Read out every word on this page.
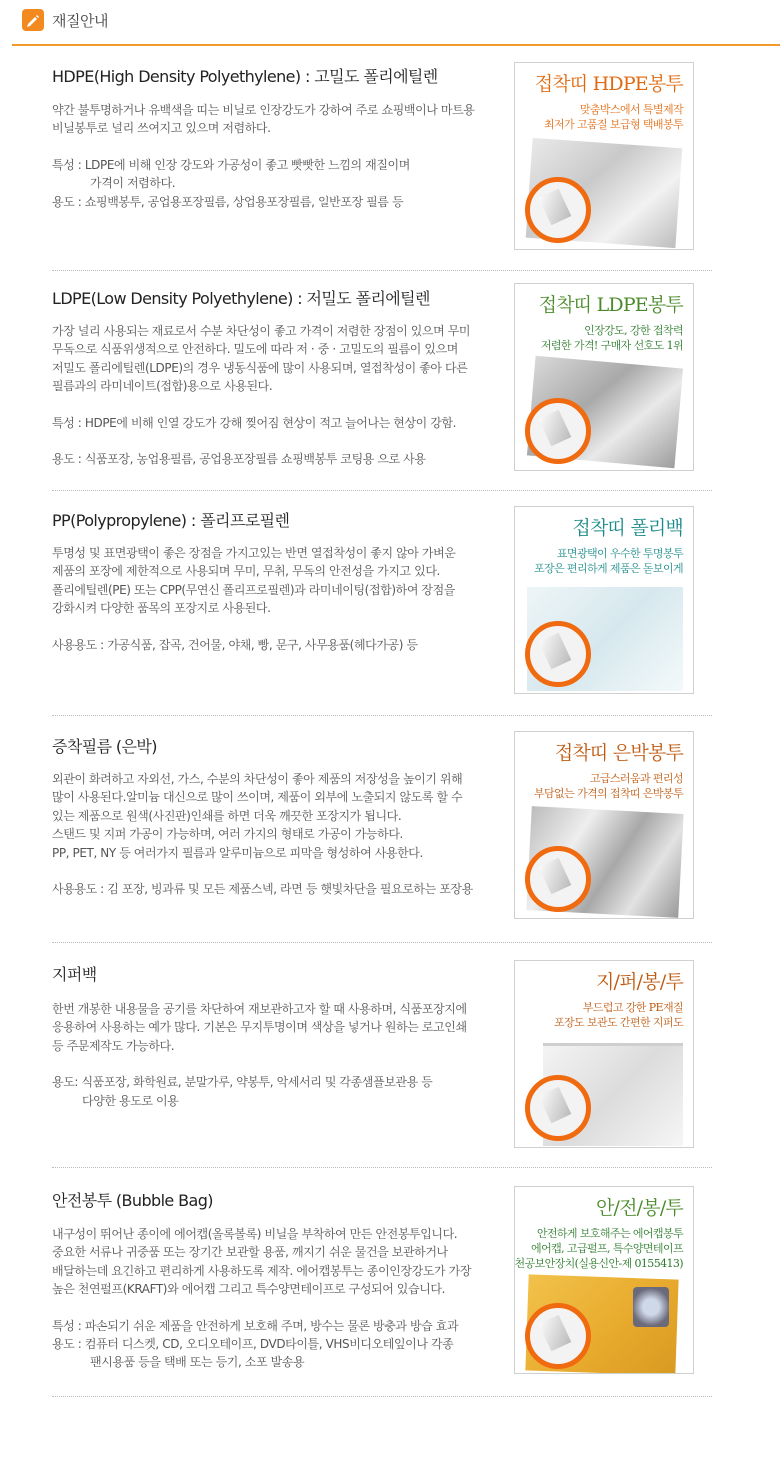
재질안내
HDPE(High Density Polyethylene) : 고밀도 폴리에틸렌

약간 불투명하거나 유백색을 띠는 비닐로 인장강도가 강하여 주로 쇼핑백이나 마트용

비닐봉투로 널리 쓰여지고 있으며 저렴하다.

특성 : LDPE에 비해 인장 강도와 가공성이 좋고 빳빳한 느낌의 재질이며

가격이 저렴하다.

용도 : 쇼핑백봉투, 공업용포장필름, 상업용포장필름, 일반포장 필름 등

접착띠 HDPE봉투
맞춤박스에서 특별제작
최저가 고품질 보급형 택배봉투
LDPE(Low Density Polyethylene) : 저밀도 폴리에틸렌

가장 널리 사용되는 재료로서 수분 차단성이 좋고 가격이 저렴한 장점이 있으며 무미

무독으로 식품위생적으로 안전하다. 밀도에 따라 저 · 중 · 고밀도의 필름이 있으며

저밀도 폴리에틸렌(LDPE)의 경우 냉동식품에 많이 사용되며, 열접착성이 좋아 다른

필름과의 라미네이트(접합)용으로 사용된다.

특성 : HDPE에 비해 인열 강도가 강해 찢어짐 현상이 적고 늘어나는 현상이 강함.

용도 : 식품포장, 농업용필름, 공업용포장필름 쇼핑백봉투 코팅용 으로 사용

접착띠 LDPE봉투
인장강도, 강한 접착력
저렴한 가격! 구매자 선호도 1위
PP(Polypropylene) : 폴리프로필렌

투명성 및 표면광택이 좋은 장점을 가지고있는 반면 열접착성이 좋지 않아 가벼운

제품의 포장에 제한적으로 사용되며 무미, 무취, 무독의 안전성을 가지고 있다.

폴리에틸렌(PE) 또는 CPP(무연신 폴리프로필렌)과 라미네이팅(접합)하여 장점을

강화시켜 다양한 품목의 포장지로 사용된다.

사용용도 : 가공식품, 잡곡, 건어물, 야채, 빵, 문구, 사무용품(헤다가공) 등

접착띠 폴리백
표면광택이 우수한 투명봉투
포장은 편리하게 제품은 돋보이게
증착필름 (은박)

외관이 화려하고 자외선, 가스, 수분의 차단성이 좋아 제품의 저장성을 높이기 위해

많이 사용된다.알미늄 대신으로 많이 쓰이며, 제품이 외부에 노출되지 않도록 할 수

있는 제품으로 원색(사진판)인쇄를 하면 더욱 깨끗한 포장지가 됩니다.

스탠드 및 지퍼 가공이 가능하며, 여러 가지의 형태로 가공이 가능하다.

PP, PET, NY 등 여러가지 필름과 알루미늄으로 피막을 형성하여 사용한다.

사용용도 : 김 포장, 빙과류 및 모든 제품스넥, 라면 등 햇빛차단을 필요로하는 포장용

접착띠 은박봉투
고급스러움과 편리성
부담없는 가격의 접착띠 은박봉투
지퍼백

한번 개봉한 내용물을 공기를 차단하여 재보관하고자 할 때 사용하며, 식품포장지에

응용하여 사용하는 예가 많다. 기본은 무지투명이며 색상을 넣거나 원하는 로고인쇄

등 주문제작도 가능하다.

용도: 식품포장, 화학원료, 분말가루, 약봉투, 악세서리 및 각종샘플보관용 등

다양한 용도로 이용

지/퍼/봉/투
부드럽고 강한 PE재질
포장도 보관도 간편한 지퍼도
안전봉투 (Bubble Bag)

내구성이 뛰어난 종이에 에어캡(올록볼록) 비닐을 부착하여 만든 안전봉투입니다.

중요한 서류나 귀중품 또는 장기간 보관할 용품, 깨지기 쉬운 물건을 보관하거나

배달하는데 요긴하고 편리하게 사용하도록 제작. 에어캡봉투는 종이인장강도가 가장

높은 천연펄프(KRAFT)와 에어캡 그리고 특수양면테이프로 구성되어 있습니다.

특성 : 파손되기 쉬운 제품을 안전하게 보호해 주며, 방수는 물론 방충과 방습 효과

용도 : 컴퓨터 디스켓, CD, 오디오테이프, DVD타이틀, VHS비디오테잎이나 각종

팬시용품 등을 택배 또는 등기, 소포 발송용

안/전/봉/투
안전하게 보호해주는 에어캡봉투
에어캡, 고급펄프, 특수양면테이프
천공보안장치(실용신안-제 0155413)
